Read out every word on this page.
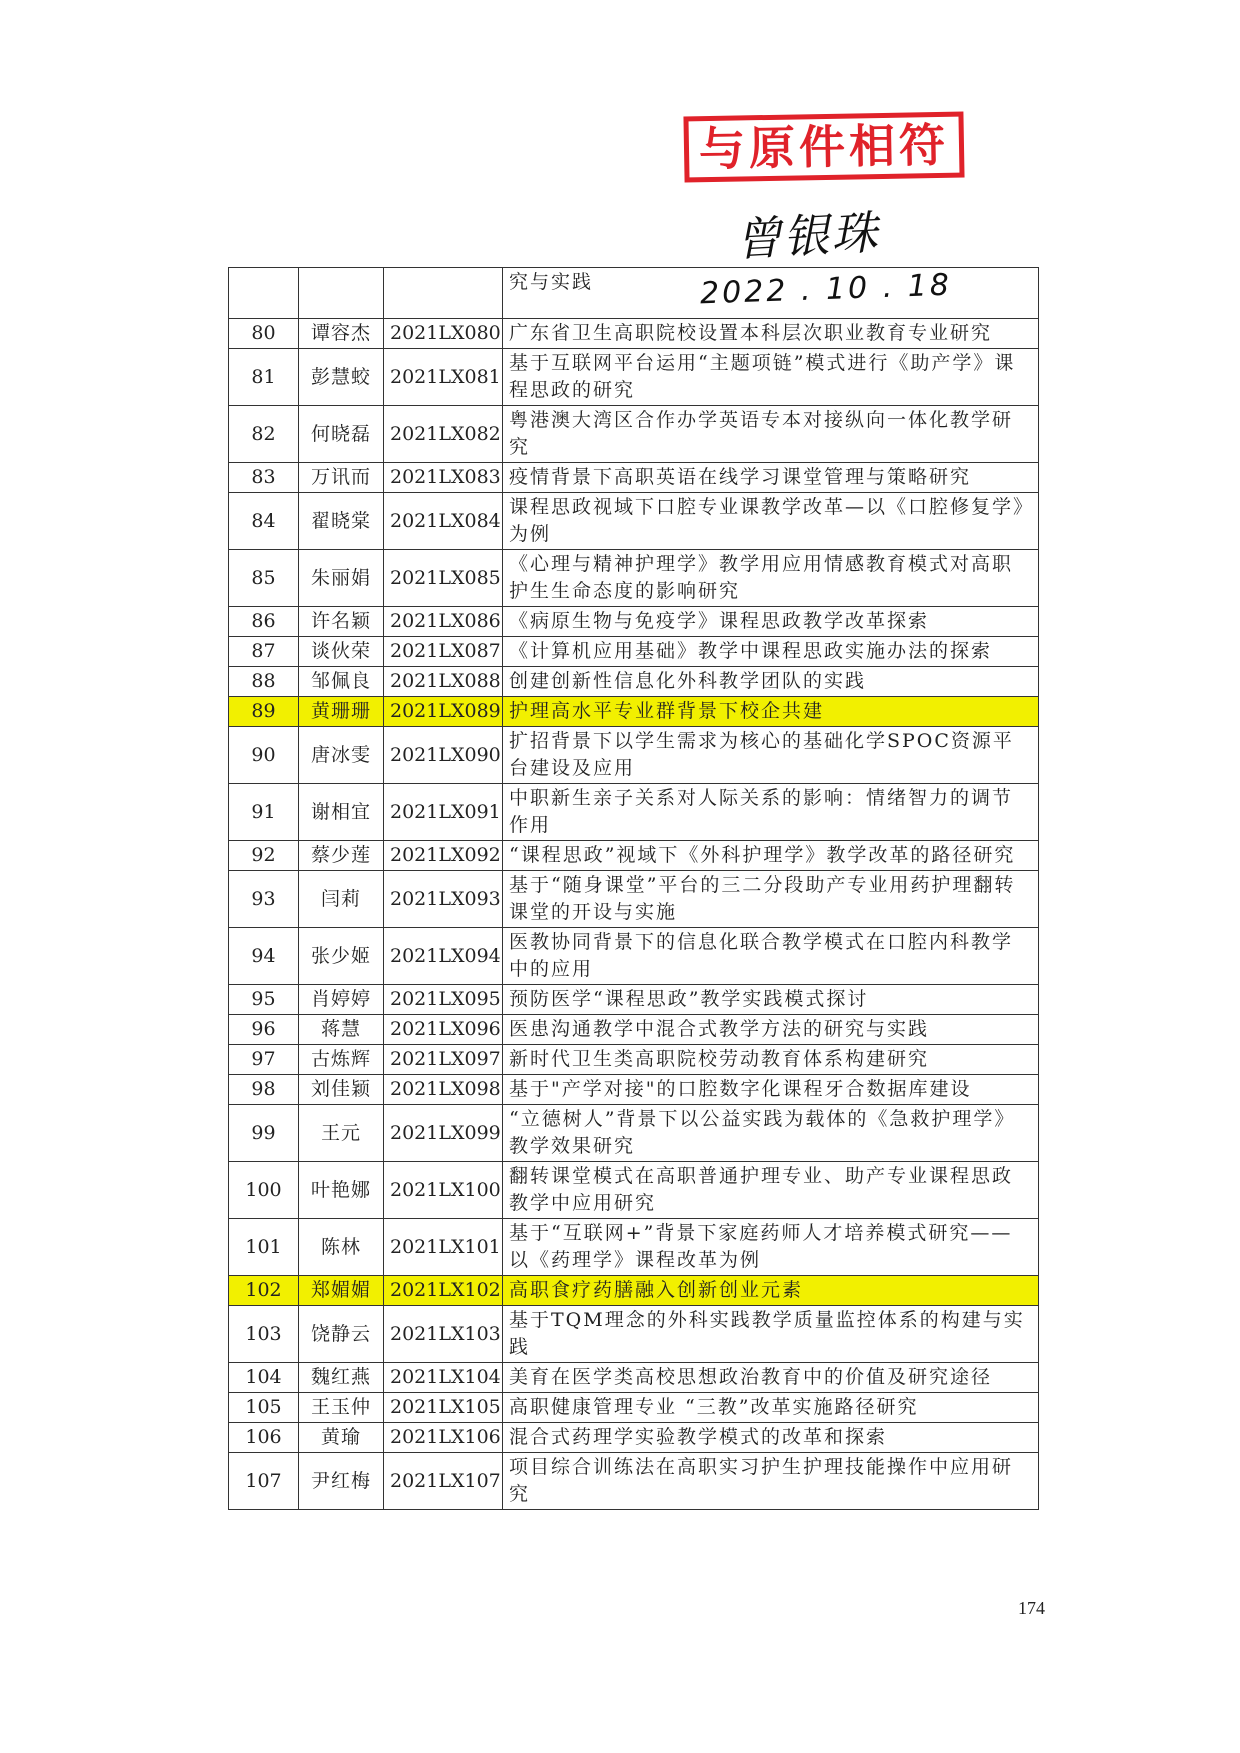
与原件相符
曾银珠
2022 . 10 . 18
			究与实践
80	谭容杰	2021LX080	广东省卫生高职院校设置本科层次职业教育专业研究
81	彭慧蛟	2021LX081	基于互联网平台运用“主题项链”模式进行《助产学》课程思政的研究
82	何晓磊	2021LX082	粤港澳大湾区合作办学英语专本对接纵向一体化教学研究
83	万讯而	2021LX083	疫情背景下高职英语在线学习课堂管理与策略研究
84	翟晓棠	2021LX084	课程思政视域下口腔专业课教学改革—以《口腔修复学》为例
85	朱丽娟	2021LX085	《心理与精神护理学》教学用应用情感教育模式对高职护生生命态度的影响研究
86	许名颖	2021LX086	《病原生物与免疫学》课程思政教学改革探索
87	谈伙荣	2021LX087	《计算机应用基础》教学中课程思政实施办法的探索
88	邹佩良	2021LX088	创建创新性信息化外科教学团队的实践
89	黄珊珊	2021LX089	护理高水平专业群背景下校企共建
90	唐冰雯	2021LX090	扩招背景下以学生需求为核心的基础化学SPOC资源平台建设及应用
91	谢相宜	2021LX091	中职新生亲子关系对人际关系的影响：情绪智力的调节作用
92	蔡少莲	2021LX092	“课程思政”视域下《外科护理学》教学改革的路径研究
93	闫莉	2021LX093	基于“随身课堂”平台的三二分段助产专业用药护理翻转课堂的开设与实施
94	张少姬	2021LX094	医教协同背景下的信息化联合教学模式在口腔内科教学中的应用
95	肖婷婷	2021LX095	预防医学“课程思政”教学实践模式探讨
96	蒋慧	2021LX096	医患沟通教学中混合式教学方法的研究与实践
97	古炼辉	2021LX097	新时代卫生类高职院校劳动教育体系构建研究
98	刘佳颖	2021LX098	基于"产学对接"的口腔数字化课程牙合数据库建设
99	王元	2021LX099	“立德树人”背景下以公益实践为载体的《急救护理学》教学效果研究
100	叶艳娜	2021LX100	翻转课堂模式在高职普通护理专业、助产专业课程思政教学中应用研究
101	陈林	2021LX101	基于“互联网+”背景下家庭药师人才培养模式研究——以《药理学》课程改革为例
102	郑媚媚	2021LX102	高职食疗药膳融入创新创业元素
103	饶静云	2021LX103	基于TQM理念的外科实践教学质量监控体系的构建与实践
104	魏红燕	2021LX104	美育在医学类高校思想政治教育中的价值及研究途径
105	王玉仲	2021LX105	高职健康管理专业 “三教”改革实施路径研究
106	黄瑜	2021LX106	混合式药理学实验教学模式的改革和探索
107	尹红梅	2021LX107	项目综合训练法在高职实习护生护理技能操作中应用研究
174
